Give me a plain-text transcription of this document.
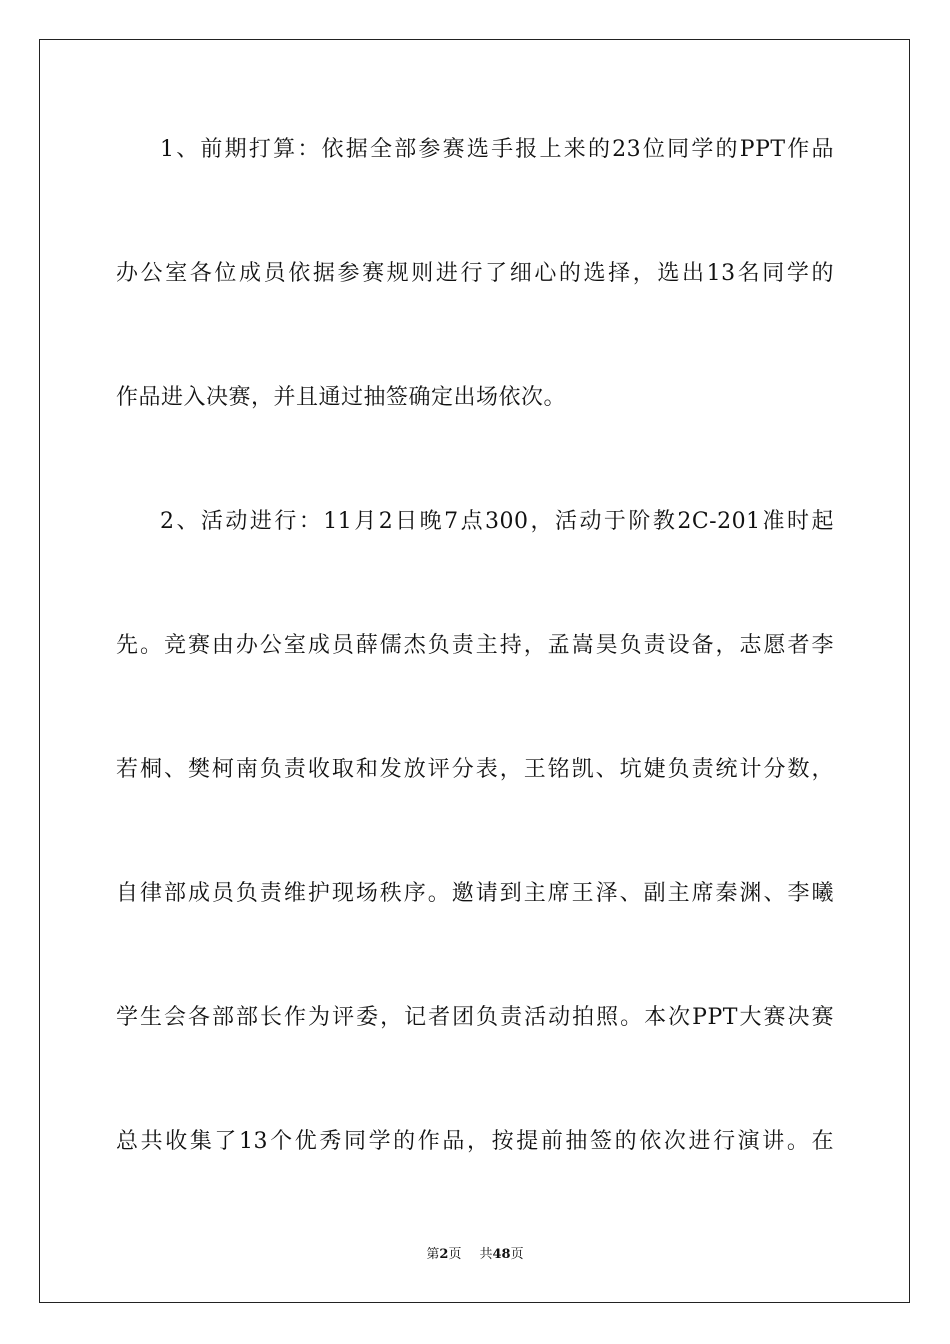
1、前期打算：依据全部参赛选手报上来的23位同学的PPT作品
办公室各位成员依据参赛规则进行了细心的选择，选出13名同学的
作品进入决赛，并且通过抽签确定出场依次。
2、活动进行：11月2日晚7点300，活动于阶教2C-201准时起
先。竞赛由办公室成员薛儒杰负责主持，孟嵩昊负责设备，志愿者李
若桐、樊柯南负责收取和发放评分表，王铭凯、坑婕负责统计分数，
自律部成员负责维护现场秩序。邀请到主席王泽、副主席秦渊、李曦
学生会各部部长作为评委，记者团负责活动拍照。本次PPT大赛决赛
总共收集了13个优秀同学的作品，按提前抽签的依次进行演讲。在
第2页 共48页
